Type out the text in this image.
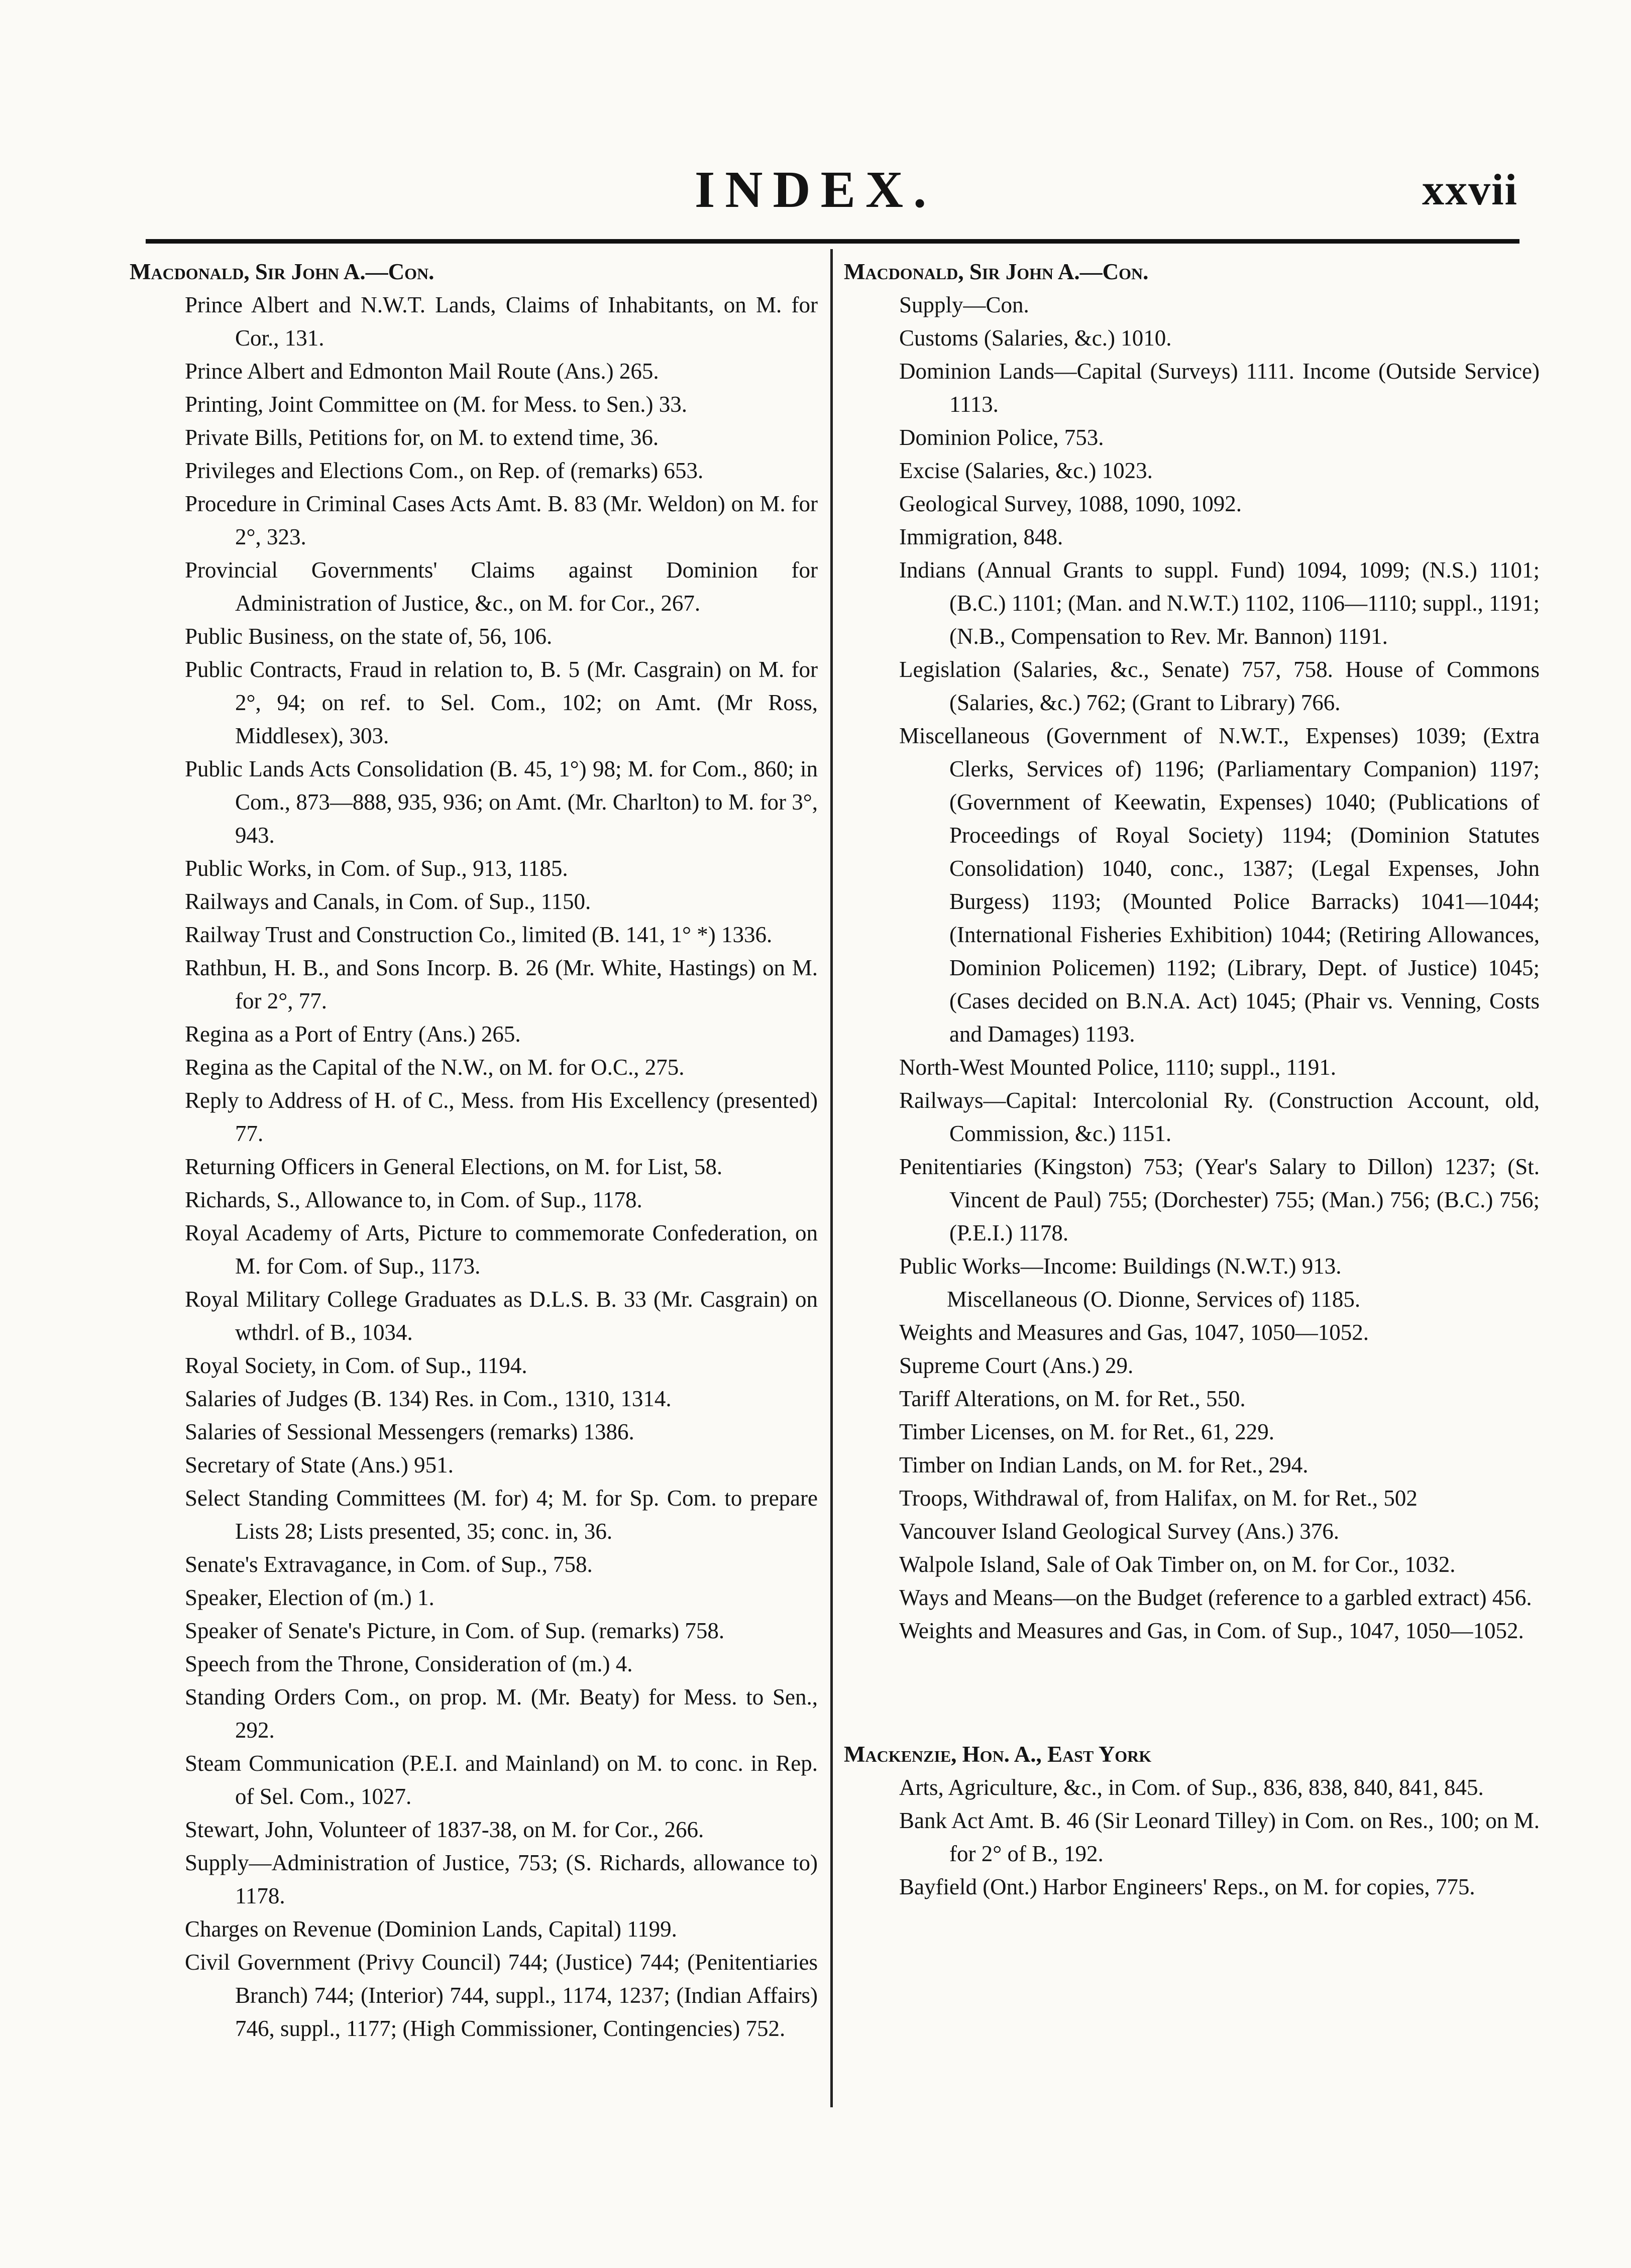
INDEX.	xxvii

Macdonald, Sir John A.—Con.

Prince Albert and N.W.T. Lands, Claims of Inhabitants, on M. for Cor., 131.

Prince Albert and Edmonton Mail Route (Ans.) 265.

Printing, Joint Committee on (M. for Mess. to Sen.) 33.

Private Bills, Petitions for, on M. to extend time, 36.

Privileges and Elections Com., on Rep. of (remarks) 653.

Procedure in Criminal Cases Acts Amt. B. 83 (Mr. Weldon) on M. for 2°, 323.

Provincial Governments' Claims against Dominion for Administration of Justice, &c., on M. for Cor., 267.

Public Business, on the state of, 56, 106.

Public Contracts, Fraud in relation to, B. 5 (Mr. Casgrain) on M. for 2°, 94; on ref. to Sel. Com., 102; on Amt. (Mr Ross, Middlesex), 303.

Public Lands Acts Consolidation (B. 45, 1°) 98; M. for Com., 860; in Com., 873—888, 935, 936; on Amt. (Mr. Charlton) to M. for 3°, 943.

Public Works, in Com. of Sup., 913, 1185.

Railways and Canals, in Com. of Sup., 1150.

Railway Trust and Construction Co., limited (B. 141, 1° *) 1336.

Rathbun, H. B., and Sons Incorp. B. 26 (Mr. White, Hastings) on M. for 2°, 77.

Regina as a Port of Entry (Ans.) 265.

Regina as the Capital of the N.W., on M. for O.C., 275.

Reply to Address of H. of C., Mess. from His Excellency (presented) 77.

Returning Officers in General Elections, on M. for List, 58.

Richards, S., Allowance to, in Com. of Sup., 1178.

Royal Academy of Arts, Picture to commemorate Confederation, on M. for Com. of Sup., 1173.

Royal Military College Graduates as D.L.S. B. 33 (Mr. Casgrain) on wthdrl. of B., 1034.

Royal Society, in Com. of Sup., 1194.

Salaries of Judges (B. 134) Res. in Com., 1310, 1314.

Salaries of Sessional Messengers (remarks) 1386.

Secretary of State (Ans.) 951.

Select Standing Committees (M. for) 4; M. for Sp. Com. to prepare Lists 28; Lists presented, 35; conc. in, 36.

Senate's Extravagance, in Com. of Sup., 758.

Speaker, Election of (m.) 1.

Speaker of Senate's Picture, in Com. of Sup. (remarks) 758.

Speech from the Throne, Consideration of (m.) 4.

Standing Orders Com., on prop. M. (Mr. Beaty) for Mess. to Sen., 292.

Steam Communication (P.E.I. and Mainland) on M. to conc. in Rep. of Sel. Com., 1027.

Stewart, John, Volunteer of 1837-38, on M. for Cor., 266.

Supply—Administration of Justice, 753; (S. Richards, allowance to) 1178.

Charges on Revenue (Dominion Lands, Capital) 1199.

Civil Government (Privy Council) 744; (Justice) 744; (Penitentiaries Branch) 744; (Interior) 744, suppl., 1174, 1237; (Indian Affairs) 746, suppl., 1177; (High Commissioner, Contingencies) 752.

Macdonald, Sir John A.—Con.

Supply—Con.

Customs (Salaries, &c.) 1010.

Dominion Lands—Capital (Surveys) 1111. Income (Outside Service) 1113.

Dominion Police, 753.

Excise (Salaries, &c.) 1023.

Geological Survey, 1088, 1090, 1092.

Immigration, 848.

Indians (Annual Grants to suppl. Fund) 1094, 1099; (N.S.) 1101; (B.C.) 1101; (Man. and N.W.T.) 1102, 1106—1110; suppl., 1191; (N.B., Compensation to Rev. Mr. Bannon) 1191.

Legislation (Salaries, &c., Senate) 757, 758. House of Commons (Salaries, &c.) 762; (Grant to Library) 766.

Miscellaneous (Government of N.W.T., Expenses) 1039; (Extra Clerks, Services of) 1196; (Parliamentary Companion) 1197; (Government of Keewatin, Expenses) 1040; (Publications of Proceedings of Royal Society) 1194; (Dominion Statutes Consolidation) 1040, conc., 1387; (Legal Expenses, John Burgess) 1193; (Mounted Police Barracks) 1041—1044; (International Fisheries Exhibition) 1044; (Retiring Allowances, Dominion Policemen) 1192; (Library, Dept. of Justice) 1045; (Cases decided on B.N.A. Act) 1045; (Phair vs. Venning, Costs and Damages) 1193.

North-West Mounted Police, 1110; suppl., 1191.

Railways—Capital: Intercolonial Ry. (Construction Account, old, Commission, &c.) 1151.

Penitentiaries (Kingston) 753; (Year's Salary to Dillon) 1237; (St. Vincent de Paul) 755; (Dorchester) 755; (Man.) 756; (B.C.) 756; (P.E.I.) 1178.

Public Works—Income: Buildings (N.W.T.) 913.

Miscellaneous (O. Dionne, Services of) 1185.

Weights and Measures and Gas, 1047, 1050—1052.

Supreme Court (Ans.) 29.

Tariff Alterations, on M. for Ret., 550.

Timber Licenses, on M. for Ret., 61, 229.

Timber on Indian Lands, on M. for Ret., 294.

Troops, Withdrawal of, from Halifax, on M. for Ret., 502

Vancouver Island Geological Survey (Ans.) 376.

Walpole Island, Sale of Oak Timber on, on M. for Cor., 1032.

Ways and Means—on the Budget (reference to a garbled extract) 456.

Weights and Measures and Gas, in Com. of Sup., 1047, 1050—1052.

Mackenzie, Hon. A., East York

Arts, Agriculture, &c., in Com. of Sup., 836, 838, 840, 841, 845.

Bank Act Amt. B. 46 (Sir Leonard Tilley) in Com. on Res., 100; on M. for 2° of B., 192.

Bayfield (Ont.) Harbor Engineers' Reps., on M. for copies, 775.
